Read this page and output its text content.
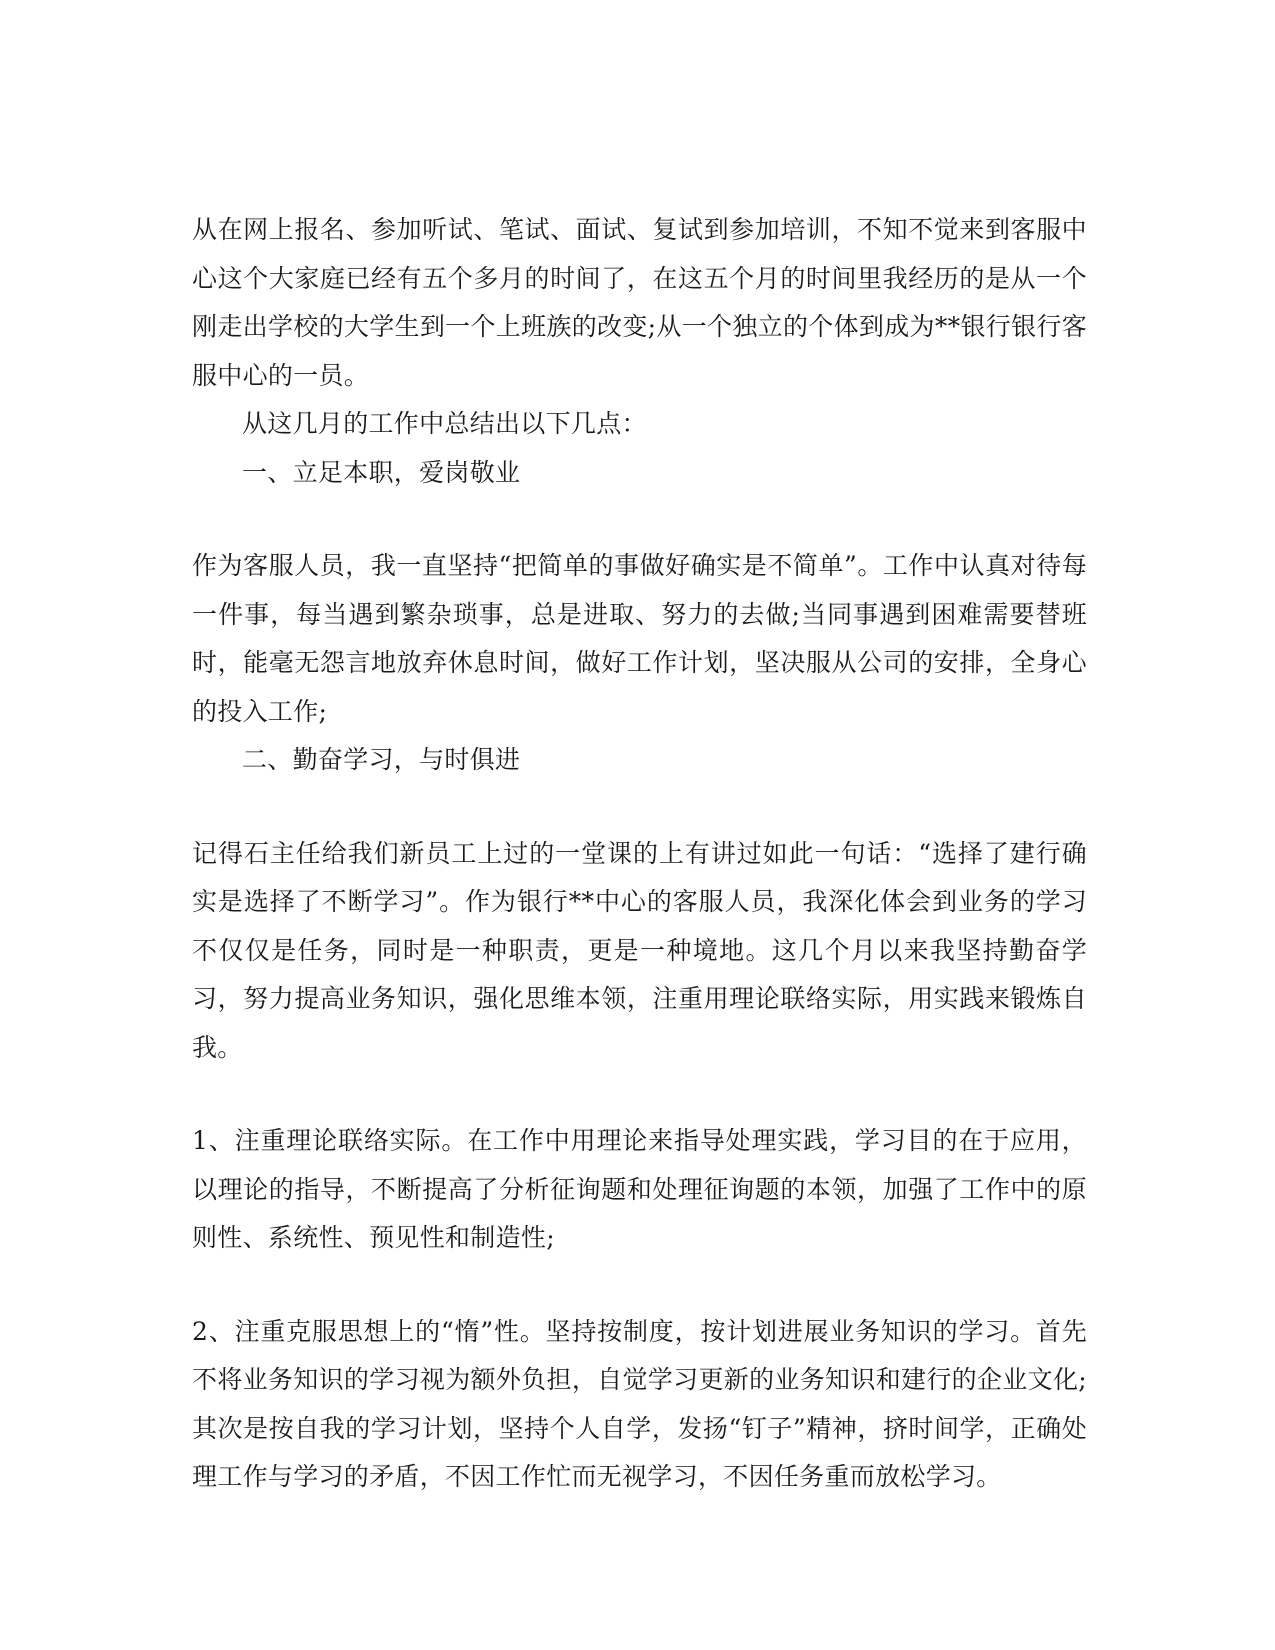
从在网上报名、参加听试、笔试、面试、复试到参加培训，不知不觉来到客服中心这个大家庭已经有五个多月的时间了，在这五个月的时间里我经历的是从一个刚走出学校的大学生到一个上班族的改变;从一个独立的个体到成为**银行银行客服中心的一员。

从这几月的工作中总结出以下几点：

一、立足本职，爱岗敬业

作为客服人员，我一直坚持“把简单的事做好确实是不简单”。工作中认真对待每一件事，每当遇到繁杂琐事，总是进取、努力的去做;当同事遇到困难需要替班时，能毫无怨言地放弃休息时间，做好工作计划，坚决服从公司的安排，全身心的投入工作;

二、勤奋学习，与时俱进

记得石主任给我们新员工上过的一堂课的上有讲过如此一句话：“选择了建行确实是选择了不断学习”。作为银行**中心的客服人员，我深化体会到业务的学习不仅仅是任务，同时是一种职责，更是一种境地。这几个月以来我坚持勤奋学习，努力提高业务知识，强化思维本领，注重用理论联络实际，用实践来锻炼自我。

1、注重理论联络实际。在工作中用理论来指导处理实践，学习目的在于应用，以理论的指导，不断提高了分析征询题和处理征询题的本领，加强了工作中的原则性、系统性、预见性和制造性;

2、注重克服思想上的“惰”性。坚持按制度，按计划进展业务知识的学习。首先不将业务知识的学习视为额外负担，自觉学习更新的业务知识和建行的企业文化;其次是按自我的学习计划，坚持个人自学，发扬“钉子”精神，挤时间学，正确处理工作与学习的矛盾，不因工作忙而无视学习，不因任务重而放松学习。
